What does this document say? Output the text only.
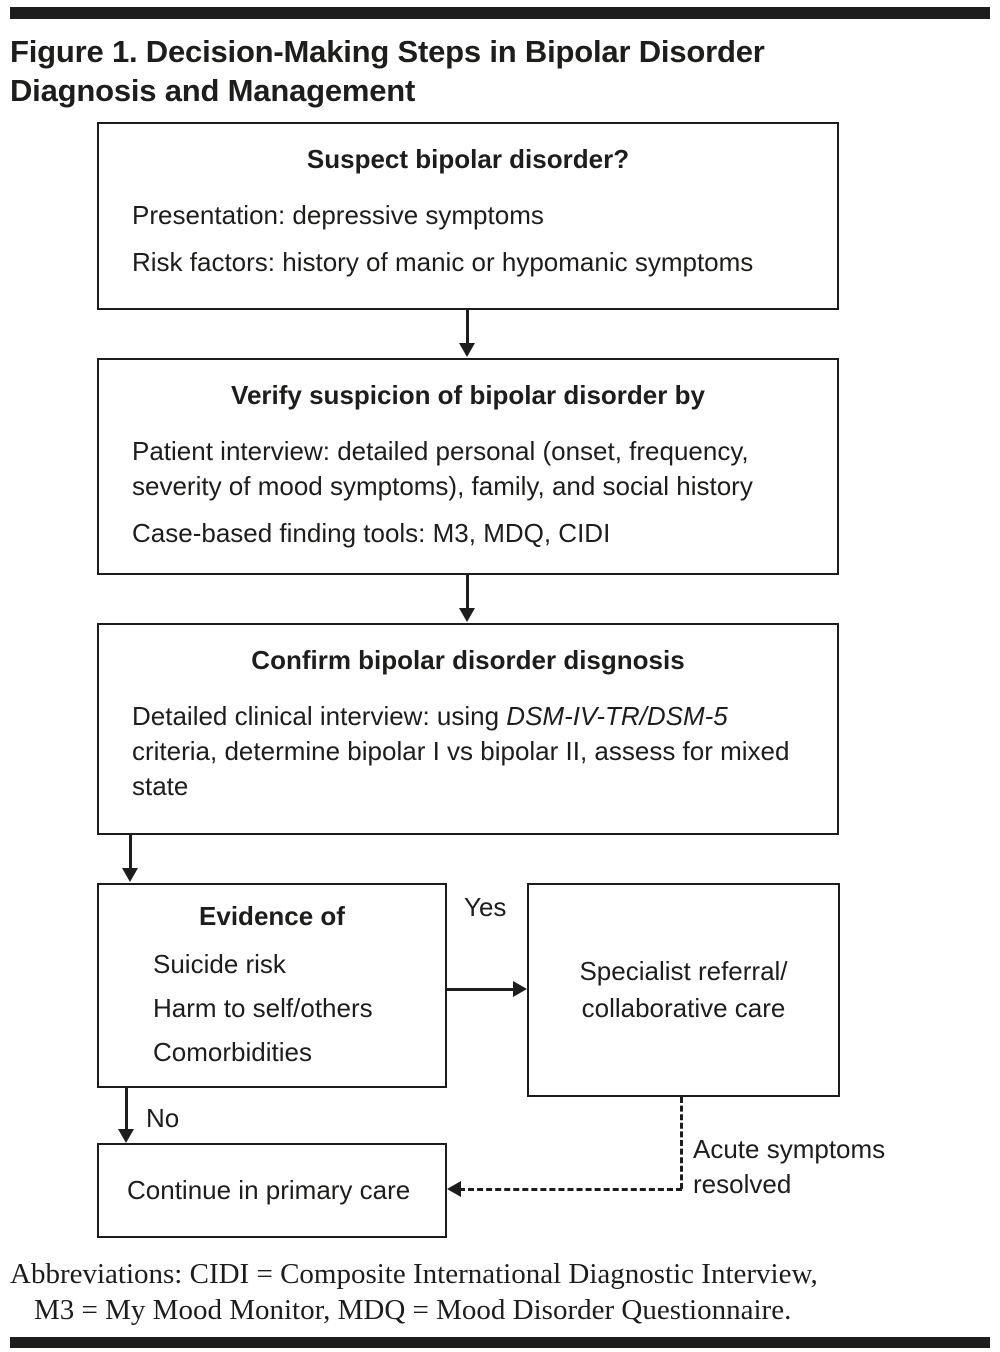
Figure 1. Decision-Making Steps in Bipolar Disorder Diagnosis and Management
Suspect bipolar disorder?

Presentation: depressive symptoms

Risk factors: history of manic or hypomanic symptoms

Verify suspicion of bipolar disorder by

Patient interview: detailed personal (onset, frequency, severity of mood symptoms), family, and social history

Case-based finding tools: M3, MDQ, CIDI

Confirm bipolar disorder disgnosis

Detailed clinical interview: using DSM-IV-TR/DSM-5 criteria, determine bipolar I vs bipolar II, assess for mixed state

Evidence of

Suicide risk

Harm to self/others

Comorbidities

Yes
Specialist referral/
collaborative care
No
Continue in primary care
Acute symptoms resolved
Abbreviations: CIDI = Composite International Diagnostic Interview,
M3 = My Mood Monitor, MDQ = Mood Disorder Questionnaire.
